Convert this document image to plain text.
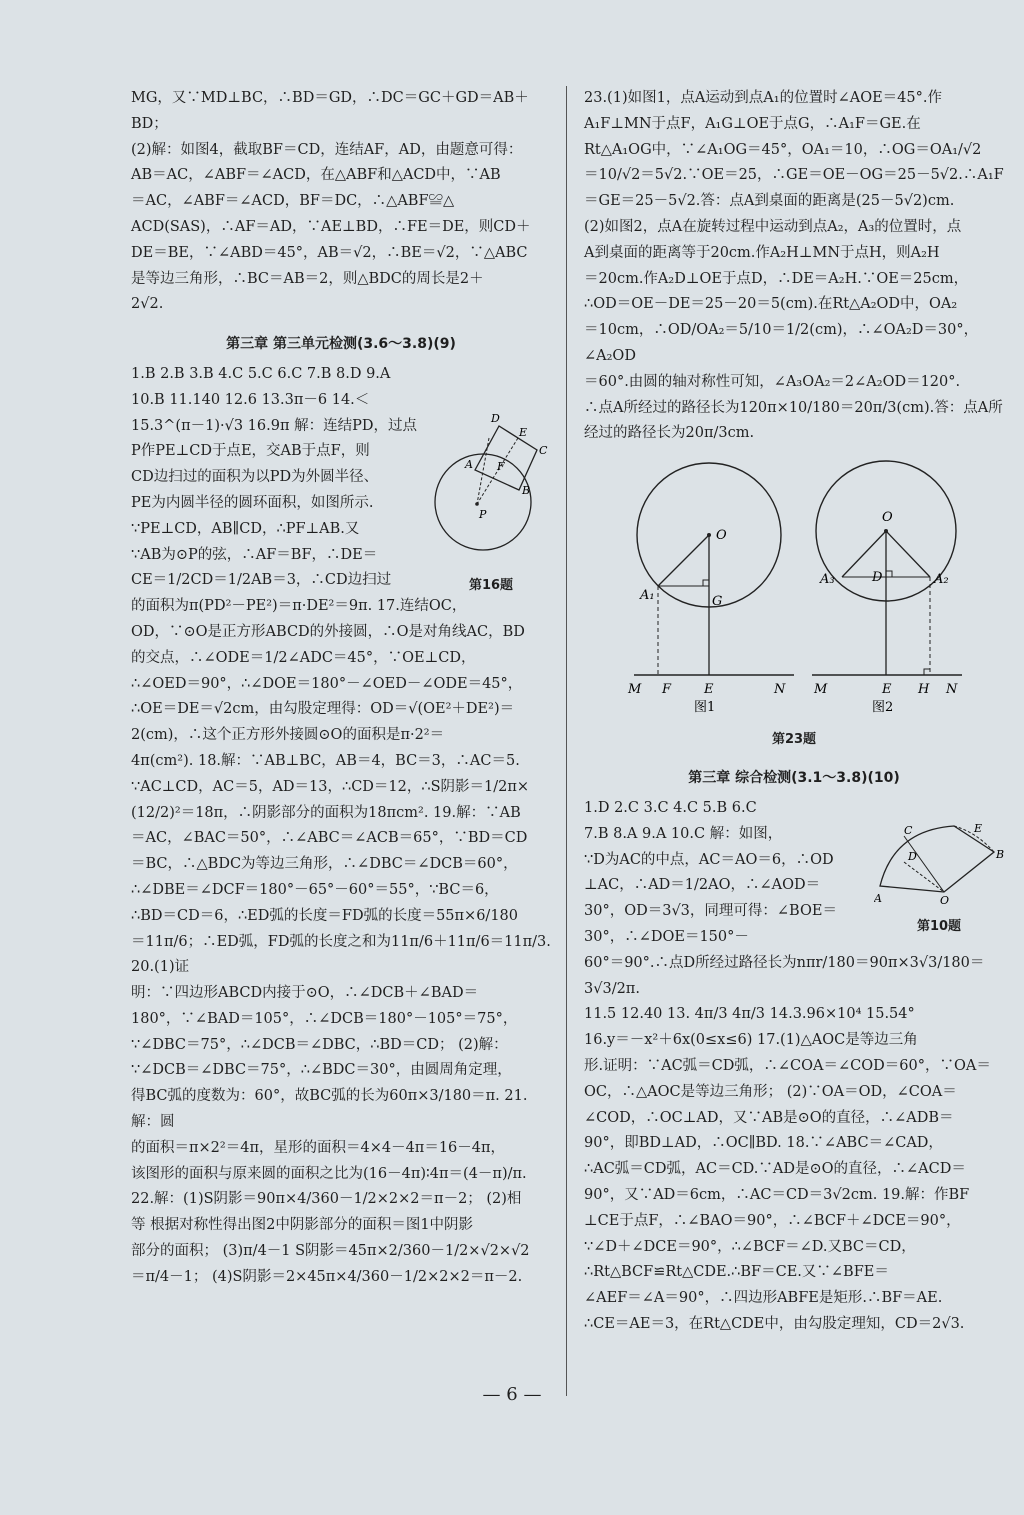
MG，又∵MD⊥BC，∴BD＝GD，∴DC＝GC＋GD＝AB＋BD；

(2)解：如图4，截取BF＝CD，连结AF，AD，由题意可得：

AB＝AC，∠ABF＝∠ACD，在△ABF和△ACD中，∵AB

＝AC，∠ABF＝∠ACD，BF＝DC，∴△ABF≌△

ACD(SAS)，∴AF＝AD，∵AE⊥BD，∴FE＝DE，则CD＋

DE＝BE，∵∠ABD＝45°，AB＝√2，∴BE＝√2，∵△ABC

是等边三角形，∴BC＝AB＝2，则△BDC的周长是2＋

2√2.

第三章 第三单元检测(3.6～3.8)(9)

1.B 2.B 3.B 4.C 5.C 6.C 7.B 8.D 9.A

10.B 11.140 12.6 13.3π－6 14.＜

D
E
C
A F
B
P
第16题

15.3^(π－1)·√3 16.9π 解：连结PD，过点

P作PE⊥CD于点E，交AB于点F，则

CD边扫过的面积为以PD为外圆半径、

PE为内圆半径的圆环面积，如图所示.

∵PE⊥CD，AB∥CD，∴PF⊥AB.又

∵AB为⊙P的弦，∴AF＝BF，∴DE＝

CE＝1/2CD＝1/2AB＝3，∴CD边扫过

的面积为π(PD²－PE²)＝π·DE²＝9π. 17.连结OC，

OD，∵⊙O是正方形ABCD的外接圆，∴O是对角线AC，BD

的交点，∴∠ODE＝1/2∠ADC＝45°，∵OE⊥CD，

∴∠OED＝90°，∴∠DOE＝180°－∠OED－∠ODE＝45°，

∴OE＝DE＝√2cm，由勾股定理得：OD＝√(OE²＋DE²)＝

2(cm)，∴这个正方形外接圆⊙O的面积是π·2²＝

4π(cm²). 18.解：∵AB⊥BC，AB＝4，BC＝3，∴AC＝5.

∵AC⊥CD，AC＝5，AD＝13，∴CD＝12，∴S阴影＝1/2π×

(12/2)²＝18π，∴阴影部分的面积为18πcm². 19.解：∵AB

＝AC，∠BAC＝50°，∴∠ABC＝∠ACB＝65°，∵BD＝CD

＝BC，∴△BDC为等边三角形，∴∠DBC＝∠DCB＝60°，

∴∠DBE＝∠DCF＝180°－65°－60°＝55°，∵BC＝6，

∴BD＝CD＝6，∴ED弧的长度＝FD弧的长度＝55π×6/180

＝11π/6；∴ED弧，FD弧的长度之和为11π/6＋11π/6＝11π/3. 20.(1)证

明：∵四边形ABCD内接于⊙O，∴∠DCB＋∠BAD＝

180°，∵∠BAD＝105°，∴∠DCB＝180°－105°＝75°，

∵∠DBC＝75°，∴∠DCB＝∠DBC，∴BD＝CD； (2)解：

∵∠DCB＝∠DBC＝75°，∴∠BDC＝30°，由圆周角定理，

得BC弧的度数为：60°，故BC弧的长为60π×3/180＝π. 21.解：圆

的面积＝π×2²＝4π，星形的面积＝4×4－4π＝16－4π，

该图形的面积与原来圆的面积之比为(16－4π)∶4π＝(4－π)/π.

22.解：(1)S阴影＝90π×4/360－1/2×2×2＝π－2； (2)相

等 根据对称性得出图2中阴影部分的面积＝图1中阴影

部分的面积； (3)π/4－1 S阴影＝45π×2/360－1/2×√2×√2

＝π/4－1； (4)S阴影＝2×45π×4/360－1/2×2×2＝π－2.

23.(1)如图1，点A运动到点A₁的位置时∠AOE＝45°.作

A₁F⊥MN于点F，A₁G⊥OE于点G，∴A₁F＝GE.在

Rt△A₁OG中，∵∠A₁OG＝45°，OA₁＝10，∴OG＝OA₁/√2

＝10/√2＝5√2.∵OE＝25，∴GE＝OE－OG＝25－5√2.∴A₁F

＝GE＝25－5√2.答：点A到桌面的距离是(25－5√2)cm.

(2)如图2，点A在旋转过程中运动到点A₂，A₃的位置时，点

A到桌面的距离等于20cm.作A₂H⊥MN于点H，则A₂H

＝20cm.作A₂D⊥OE于点D，∴DE＝A₂H.∵OE＝25cm，

∴OD＝OE－DE＝25－20＝5(cm).在Rt△A₂OD中，OA₂

＝10cm，∴OD/OA₂＝5/10＝1/2(cm)，∴∠OA₂D＝30°，∠A₂OD

＝60°.由圆的轴对称性可知，∠A₃OA₂＝2∠A₂OD＝120°.

∴点A所经过的路径长为120π×10/180＝20π/3(cm).答：点A所

经过的路径长为20π/3cm.

O
G
A₁
M F	E	N
图1
O
D
A₃	A₂
M	E H N
图2
第23题
第三章 综合检测(3.1～3.8)(10)

1.D 2.C 3.C 4.C 5.B 6.C

C	E
D	B
A	O
第10题

7.B 8.A 9.A 10.C 解：如图，

∵D为AC的中点，AC＝AO＝6，∴OD

⊥AC，∴AD＝1/2AO，∴∠AOD＝

30°，OD＝3√3，同理可得：∠BOE＝30°，∴∠DOE＝150°－

60°＝90°.∴点D所经过路径长为nπr/180＝90π×3√3/180＝3√3/2π.

11.5 12.40 13. 4π/3 4π/3 14.3.96×10⁴ 15.54°

16.y＝－x²＋6x(0≤x≤6) 17.(1)△AOC是等边三角

形.证明：∵AC弧＝CD弧，∴∠COA＝∠COD＝60°，∵OA＝

OC，∴△AOC是等边三角形； (2)∵OA＝OD，∠COA＝

∠COD，∴OC⊥AD，又∵AB是⊙O的直径，∴∠ADB＝

90°，即BD⊥AD，∴OC∥BD. 18.∵∠ABC＝∠CAD，

∴AC弧＝CD弧，AC＝CD.∵AD是⊙O的直径，∴∠ACD＝

90°，又∵AD＝6cm，∴AC＝CD＝3√2cm. 19.解：作BF

⊥CE于点F，∴∠BAO＝90°，∴∠BCF＋∠DCE＝90°，

∵∠D＋∠DCE＝90°，∴∠BCF＝∠D.又BC＝CD，

∴Rt△BCF≌Rt△CDE.∴BF＝CE.又∵∠BFE＝

∠AEF＝∠A＝90°，∴四边形ABFE是矩形.∴BF＝AE.

∴CE＝AE＝3，在Rt△CDE中，由勾股定理知，CD＝2√3.

— 6 —
